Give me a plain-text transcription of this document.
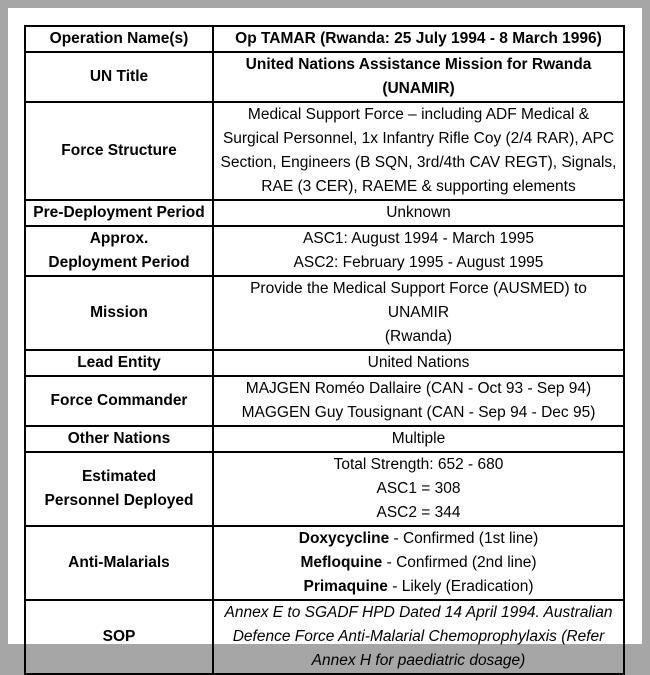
Operation Name(s)	Op TAMAR (Rwanda: 25 July 1994 - 8 March 1996)
UN Title	United Nations Assistance Mission for Rwanda
(UNAMIR)

Force Structure	Medical Support Force – including ADF Medical &
Surgical Personnel, 1x Infantry Rifle Coy (2/4 RAR), APC
Section, Engineers (B SQN, 3rd/4th CAV REGT), Signals,
RAE (3 CER), RAEME & supporting elements

Pre-Deployment Period	Unknown

Approx.
Deployment Period	ASC1: August 1994 - March 1995
ASC2: February 1995 - August 1995

Mission	Provide the Medical Support Force (AUSMED) to UNAMIR
(Rwanda)

Lead Entity	United Nations
Force Commander	MAJGEN Roméo Dallaire (CAN - Oct 93 - Sep 94)
MAGGEN Guy Tousignant (CAN - Sep 94 - Dec 95)

Other Nations	Multiple

Estimated
Personnel Deployed	Total Strength: 652 - 680
ASC1 = 308
ASC2 = 344

Anti-Malarials	Doxycycline - Confirmed (1st line)
Mefloquine - Confirmed (2nd line)
Primaquine - Likely (Eradication)

SOP	Annex E to SGADF HPD Dated 14 April 1994. Australian
Defence Force Anti-Malarial Chemoprophylaxis (Refer
Annex H for paediatric dosage)
